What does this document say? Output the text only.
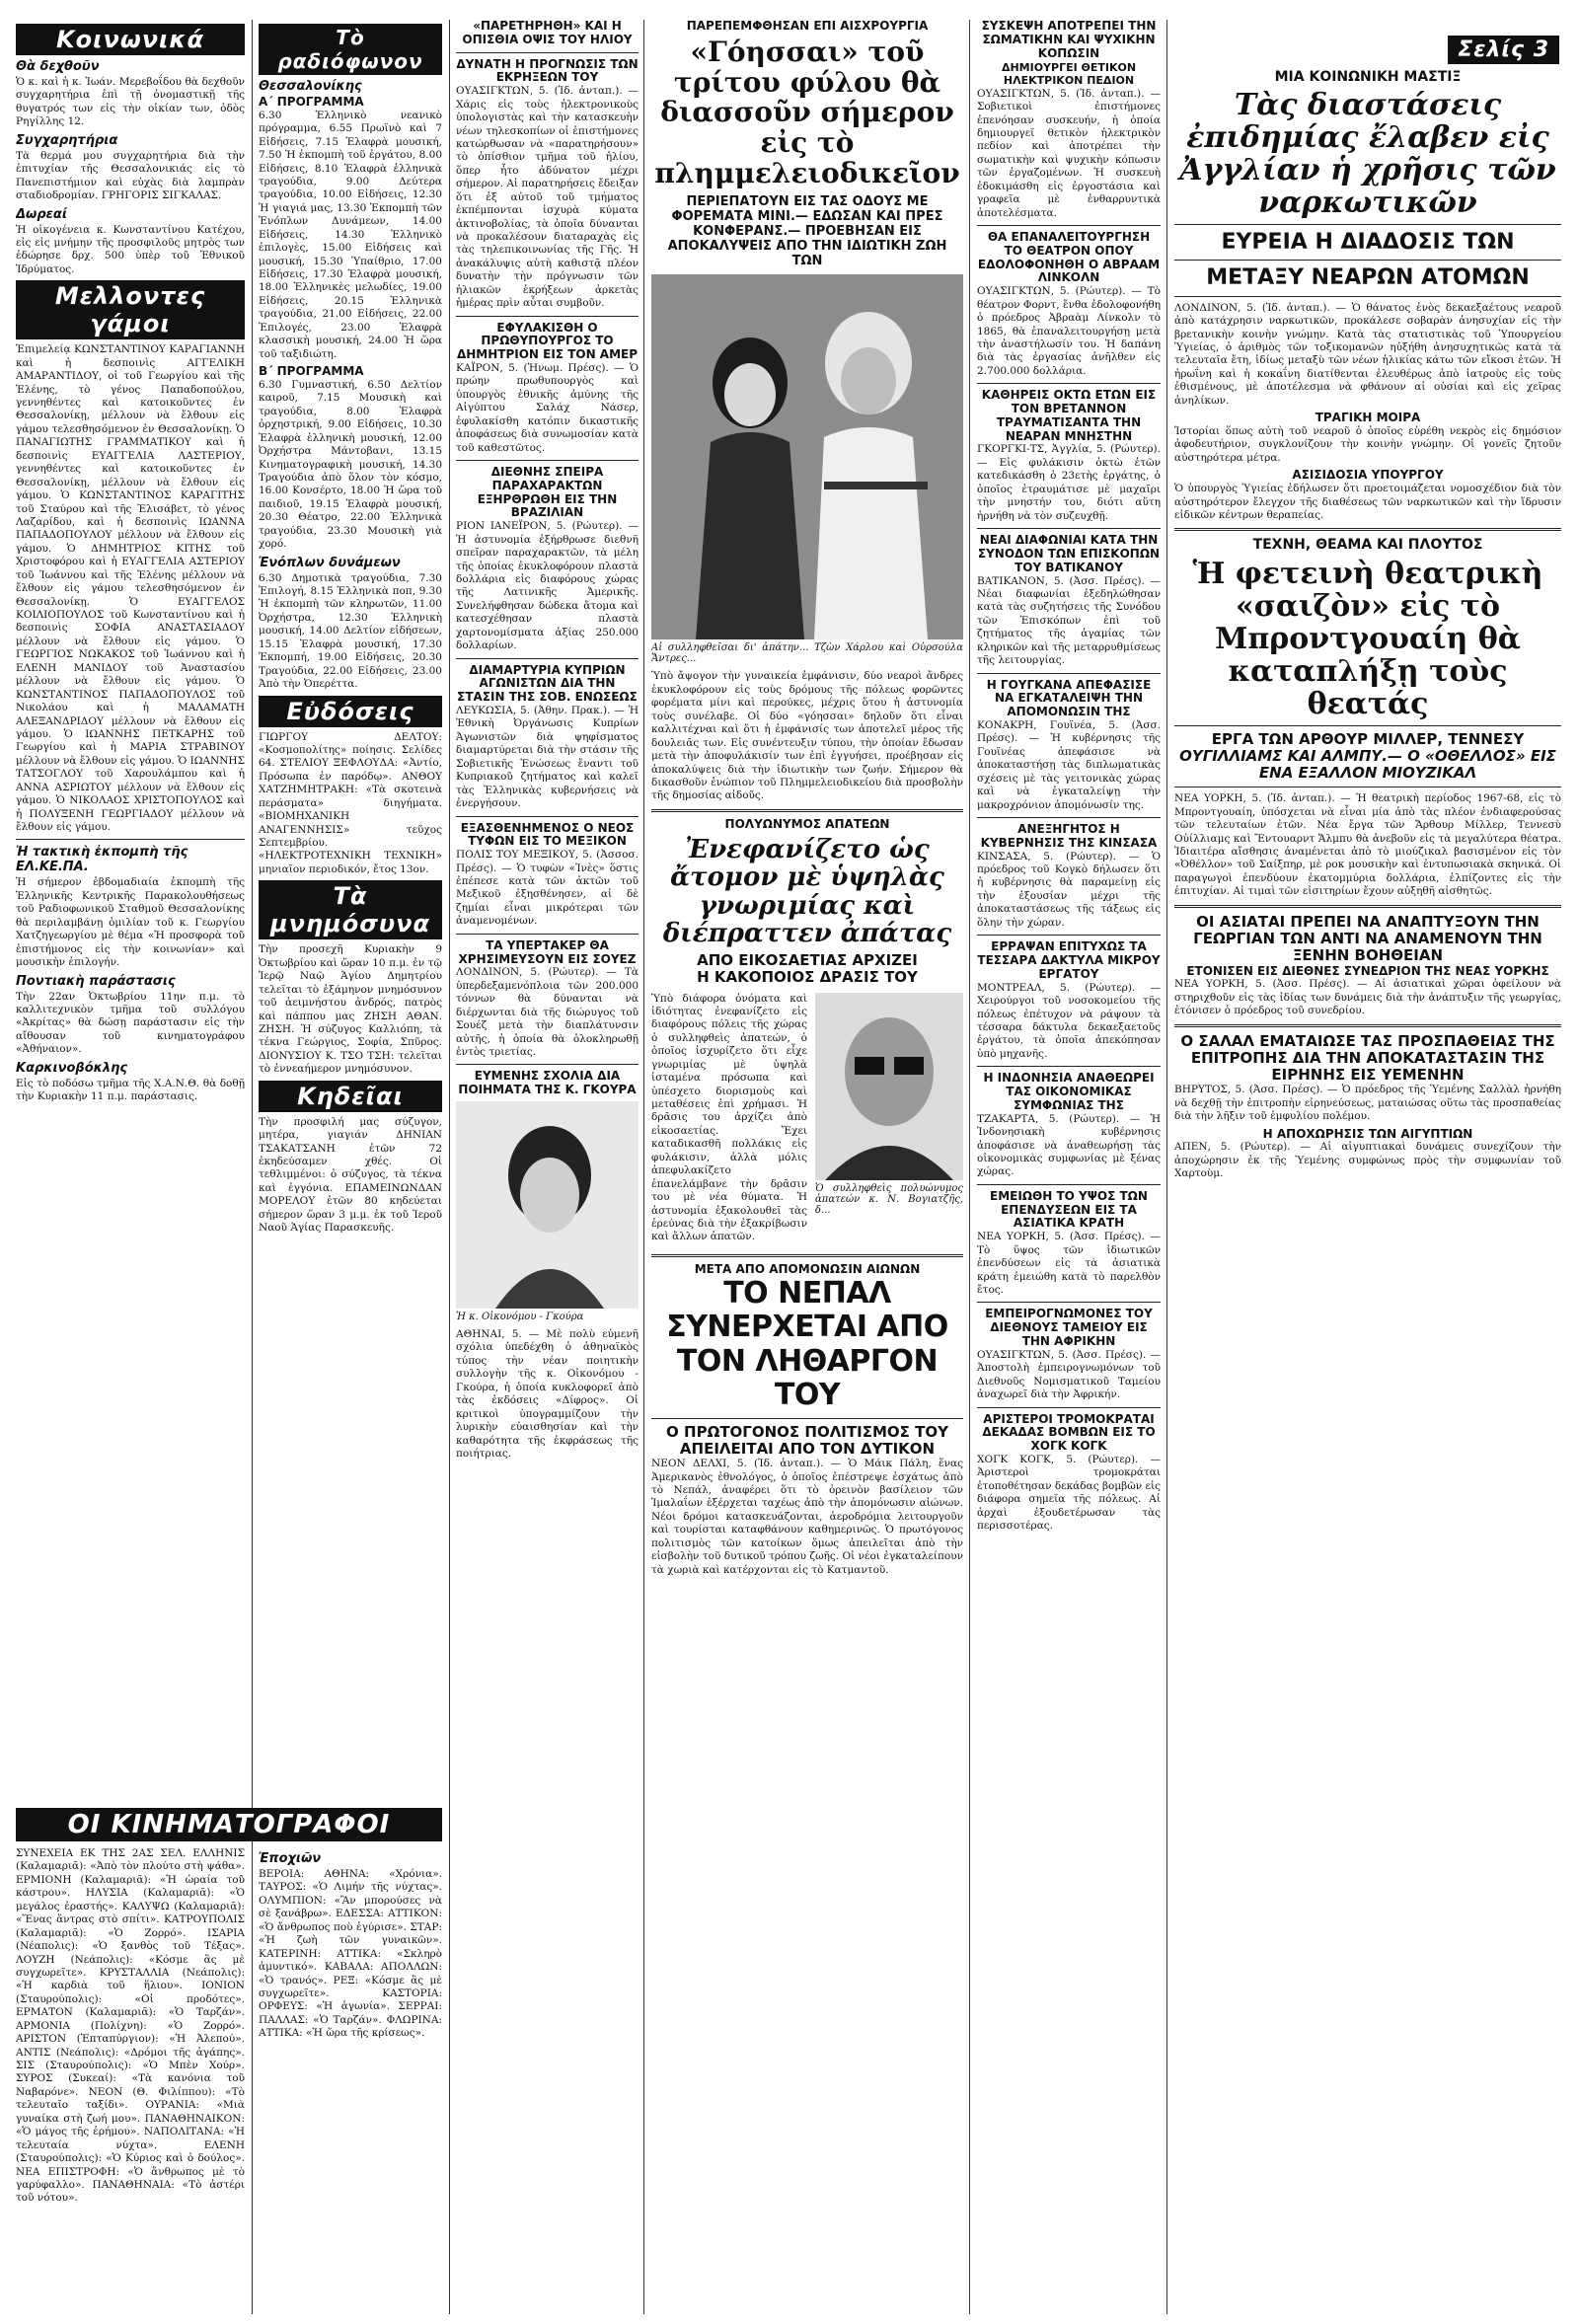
Σελίς 3
Κοινωνικά
Θὰ δεχθοῦν

Ὁ κ. καὶ ἡ κ. Ἰωάν. Μερεβοΐδου θὰ δεχθοῦν συγχαρητήρια ἐπὶ τῇ ὀνομαστικῇ τῆς θυγατρός των εἰς τὴν οἰκίαν των, ὁδὸς Ρηγίλλης 12.

Συγχαρητήρια

Τὰ θερμά μου συγχαρητήρια διὰ τὴν ἐπιτυχίαν τῆς Θεσσαλονικιάς εἰς τὸ Πανεπιστήμιον καὶ εὐχὰς διὰ λαμπρὰν σταδιοδρομίαν. ΓΡΗΓΟΡΙΣ ΣΙΓΚΑΛΑΣ.

Δωρεαί

Ἡ οἰκογένεια κ. Κωνσταντίνου Κατέχου, εἰς εἰς μνήμην τῆς προσφιλοῦς μητρὸς των ἐδώρησε δρχ. 500 ὑπὲρ τοῦ Ἐθνικοῦ Ἱδρύματος.

Μελλοντες γάμοι

Ἐπιμελείᾳ ΚΩΝΣΤΑΝΤΙΝΟΥ ΚΑΡΑΓΙΑΝΝΗ καὶ ἡ δεσποινὶς ΑΓΓΕΛΙΚΗ ΑΜΑΡΑΝΤΙΔΟΥ, οἱ τοῦ Γεωργίου καὶ τῆς Ἑλένης, τὸ γένος Παπαδοπούλου, γεννηθέντες καὶ κατοικοῦντες ἐν Θεσσαλονίκῃ, μέλλουν νὰ ἔλθουν εἰς γάμου τελεσθησόμενον ἐν Θεσσαλονίκῃ. Ὁ ΠΑΝΑΓΙΩΤΗΣ ΓΡΑΜΜΑΤΙΚΟΥ καὶ ἡ δεσποινὶς ΕΥΑΓΓΕΛΙΑ ΛΑΣΤΕΡΙΟΥ, γεννηθέντες καὶ κατοικοῦντες ἐν Θεσσαλονίκῃ, μέλλουν νὰ ἔλθουν εἰς γάμου. Ὁ ΚΩΝΣΤΑΝΤΙΝΟΣ ΚΑΡΑΓΙΤΗΣ τοῦ Σταύρου καὶ τῆς Ἐλισάβετ, τὸ γένος Λαζαρίδου, καὶ ἡ δεσποινὶς ΙΩΑΝΝΑ ΠΑΠΑΔΟΠΟΥΛΟΥ μέλλουν νὰ ἔλθουν εἰς γάμου. Ὁ ΔΗΜΗΤΡΙΟΣ ΚΙΤΗΣ τοῦ Χριστοφόρου καὶ ἡ ΕΥΑΓΓΕΛΙΑ ΑΣΤΕΡΙΟΥ τοῦ Ἰωάννου καὶ τῆς Ἑλένης μέλλουν νὰ ἔλθουν εἰς γάμου τελεσθησόμενον ἐν Θεσσαλονίκῃ. Ὁ ΕΥΑΓΓΕΛΟΣ ΚΟΙΛΙΟΠΟΥΛΟΣ τοῦ Κωνσταντίνου καὶ ἡ δεσποινὶς ΣΟΦΙΑ ΑΝΑΣΤΑΣΙΑΔΟΥ μέλλουν νὰ ἔλθουν εἰς γάμου. Ὁ ΓΕΩΡΓΙΟΣ ΝΩΚΑΚΟΣ τοῦ Ἰωάννου καὶ ἡ ΕΛΕΝΗ ΜΑΝΙΔΟΥ τοῦ Ἀναστασίου μέλλουν νὰ ἔλθουν εἰς γάμου. Ὁ ΚΩΝΣΤΑΝΤΙΝΟΣ ΠΑΠΑΔΟΠΟΥΛΟΣ τοῦ Νικολάου καὶ ἡ ΜΑΛΑΜΑΤΗ ΑΛΕΞΑΝΔΡΙΔΟΥ μέλλουν νὰ ἔλθουν εἰς γάμου. Ὁ ΙΩΑΝΝΗΣ ΠΕΤΚΑΡΗΣ τοῦ Γεωργίου καὶ ἡ ΜΑΡΙΑ ΣΤΡΑΒΙΝΟΥ μέλλουν νὰ ἔλθουν εἰς γάμου. Ὁ ΙΩΑΝΝΗΣ ΤΑΤΣΟΓΛΟΥ τοῦ Χαρουλάμπου καὶ ἡ ΑΝΝΑ ΑΣΡΙΩΤΟΥ μέλλουν νὰ ἔλθουν εἰς γάμου. Ὁ ΝΙΚΟΛΑΟΣ ΧΡΙΣΤΟΠΟΥΛΟΣ καὶ ἡ ΠΟΛΥΞΕΝΗ ΓΕΩΡΓΙΑΔΟΥ μέλλουν νὰ ἔλθουν εἰς γάμου.

Ἡ τακτικὴ ἐκπομπὴ τῆς ΕΛ.ΚΕ.ΠΑ.

Ἡ σήμερον ἑβδομαδιαία ἐκπομπὴ τῆς Ἑλληνικῆς Κεντρικῆς Παρακολουθήσεως τοῦ Ραδιοφωνικοῦ Σταθμοῦ Θεσσαλονίκης θὰ περιλαμβάνῃ ὁμιλίαν τοῦ κ. Γεωργίου Χατζηγεωργίου μὲ θέμα «Ἡ προσφορὰ τοῦ ἐπιστήμονος εἰς τὴν κοινωνίαν» καὶ μουσικὴν ἐπιλογήν.

Ποντιακὴ παράστασις

Τὴν 22αν Ὀκτωβρίου 11ην π.μ. τὸ καλλιτεχνικὸν τμῆμα τοῦ συλλόγου «Ἀκρίτας» θὰ δώσῃ παράστασιν εἰς τὴν αἴθουσαν τοῦ κινηματογράφου «Ἀθήναιον».

Καρκινοβόκλης

Εἰς τὸ ποδόσω τμῆμα τῆς Χ.Α.Ν.Θ. θὰ δοθῇ τὴν Κυριακὴν 11 π.μ. παράστασις.

ΟΙ ΚΙΝΗΜΑΤΟΓΡΑΦΟΙ

ΣΥΝΕΧΕΙΑ ΕΚ ΤΗΣ 2ΑΣ ΣΕΛ. ΕΛΛΗΝΙΣ (Καλαμαριᾶ): «Ἀπὸ τὸν πλούτο στὴ ψάθα». ΕΡΜΙΟΝΗ (Καλαμαριᾶ): «Ἡ ὡραία τοῦ κάστρου». ΗΛΥΣΙΑ (Καλαμαριᾶ): «Ὁ μεγάλος ἐραστής». ΚΑΛΥΨΩ (Καλαμαριᾶ): «Ἕνας ἄντρας στὸ σπίτι». ΚΑΤΡΟΥΠΟΛΙΣ (Καλαμαριᾶ): «Ὁ Ζορρό». ΙΣΑΡΙΑ (Νέαπολις): «Ὁ ξανθὸς τοῦ Τέξας». ΛΟΥΖΗ (Νεάπολις): «Κόσμε ἂς μὲ συγχωρεῖτε». ΚΡΥΣΤΑΛΛΙΑ (Νεάπολις): «Ἡ καρδιὰ τοῦ ἥλιου». ΙΟΝΙΟΝ (Σταυρούπολις): «Οἱ προδότες». ΕΡΜΑΤΟΝ (Καλαμαριᾶ): «Ὁ Ταρζάν». ΑΡΜΟΝΙΑ (Πολίχνη): «Ὁ Ζορρό». ΑΡΙΣΤΟΝ (Ἑπταπύργιον): «Ἡ Ἀλεπού». ΑΝΤΙΣ (Νεάπολις): «Δρόμοι τῆς ἀγάπης». ΣΙΣ (Σταυρούπολις): «Ὁ Μπὲν Χούρ». ΣΥΡΟΣ (Συκεαί): «Τὰ κανόνια τοῦ Ναβαρόνε». ΝΕΟΝ (Θ. Φιλίππου): «Τὸ τελευταῖο ταξίδι». ΟΥΡΑΝΙΑ: «Μιὰ γυναίκα στὴ ζωή μου». ΠΑΝΑΘΗΝΑΙΚΟΝ: «Ὁ μάγος τῆς ἐρήμου». ΝΑΠΟΛΙΤΑΝΑ: «Ἡ τελευταία νύχτα». ΕΛΕΝΗ (Σταυρούπολις): «Ὁ Κύριος καὶ ὁ δούλος». ΝΕΑ ΕΠΙΣΤΡΟΦΗ: «Ὁ ἄνθρωπος μὲ τὸ γαρύφαλλο». ΠΑΝΑΘΗΝΑΙΑ: «Τὸ ἀστέρι τοῦ νότου».

Τὸ ραδιόφωνον
Θεσσαλονίκης
Α΄ ΠΡΟΓΡΑΜΜΑ

6.30 Ἑλληνικὸ νεανικὸ πρόγραμμα, 6.55 Πρωϊνὸ καὶ 7 Εἰδήσεις, 7.15 Ἐλαφρὰ μουσική, 7.50 Ἡ ἐκπομπὴ τοῦ ἐργάτου, 8.00 Εἰδήσεις, 8.10 Ἑλαφρὰ ἑλληνικὰ τραγούδια, 9.00 Δεύτερα τραγούδια, 10.00 Εἰδήσεις, 12.30 Ἡ γιαγιά μας, 13.30 Ἐκπομπὴ τῶν Ἐνόπλων Δυνάμεων, 14.00 Εἰδήσεις, 14.30 Ἑλληνικὸ ἐπιλογὲς, 15.00 Εἰδήσεις καὶ μουσική, 15.30 Ὑπαίθριο, 17.00 Εἰδήσεις, 17.30 Ἑλαφρὰ μουσική, 18.00 Ἑλληνικὲς μελωδίες, 19.00 Εἰδήσεις, 20.15 Ἑλληνικὰ τραγούδια, 21.00 Εἰδήσεις, 22.00 Ἐπιλογές, 23.00 Ἐλαφρὰ κλασσικὴ μουσική, 24.00 Ἡ ὥρα τοῦ ταξιδιώτη.

Β΄ ΠΡΟΓΡΑΜΜΑ

6.30 Γυμναστική, 6.50 Δελτίον καιροῦ, 7.15 Μουσικὴ καὶ τραγούδια, 8.00 Ἐλαφρὰ ὀρχηστρική, 9.00 Εἰδήσεις, 10.30 Ἐλαφρὰ ἑλληνικὴ μουσική, 12.00 Ὀρχήστρα Μάντοβανι, 13.15 Κινηματογραφικὴ μουσική, 14.30 Τραγούδια ἀπὸ ὅλον τὸν κόσμο, 16.00 Κονσέρτο, 18.00 Ἡ ὥρα τοῦ παιδιοῦ, 19.15 Ἐλαφρὰ μουσική, 20.30 Θέατρο, 22.00 Ἑλληνικὰ τραγούδια, 23.30 Μουσικὴ γιὰ χορό.

Ἐνόπλων δυνάμεων

6.30 Δημοτικὰ τραγούδια, 7.30 Ἐπιλογή, 8.15 Ἑλληνικὰ ποπ, 9.30 Ἡ ἐκπομπὴ τῶν κληρωτῶν, 11.00 Ὀρχήστρα, 12.30 Ἑλληνικὴ μουσική, 14.00 Δελτίον εἰδήσεων, 15.15 Ἐλαφρὰ μουσική, 17.30 Ἐκπομπή, 19.00 Εἰδήσεις, 20.30 Τραγούδια, 22.00 Εἰδήσεις, 23.00 Ἀπὸ τὴν Ὀπερέττα.

Εὐδόσεις

ΓΙΩΡΓΟΥ ΔΕΛΤΟΥ: «Κοσμοπολίτης» ποίησις. Σελίδες 64. ΣΤΕΛΙΟΥ ΞΕΦΛΟΥΔΑ: «Ἀντίο, Πρόσωπα ἐν παρόδῳ». ΑΝΘΟΥ ΧΑΤΖΗΜΗΤΡΑΚΗ: «Τὰ σκοτεινὰ περάσματα» διηγήματα. «ΒΙΟΜΗΧΑΝΙΚΗ ΑΝΑΓΕΝΝΗΣΙΣ» τεῦχος Σεπτεμβρίου. «ΗΛΕΚΤΡΟΤΕΧΝΙΚΗ ΤΕΧΝΙΚΗ» μηνιαῖον περιοδικόν, ἔτος 13ον.

Τὰ μνημόσυνα

Τὴν προσεχῆ Κυριακὴν 9 Ὀκτωβρίου καὶ ὥραν 10 π.μ. ἐν τῷ Ἱερῷ Ναῷ Ἁγίου Δημητρίου τελεῖται τὸ ἐξάμηνον μνημόσυνον τοῦ ἀειμνήστου ἀνδρός, πατρὸς καὶ πάππου μας ΖΗΣΗ ΑΘΑΝ. ΖΗΣΗ. Ἡ σύζυγος Καλλιόπη, τὰ τέκνα Γεώργιος, Σοφία, Σπῦρος. ΔΙΟΝΥΣΙΟΥ Κ. ΤΣΟ ΤΣΗ: τελεῖται τὸ ἐννεαήμερον μνημόσυνον.

Κηδεῖαι

Τὴν προσφιλή μας σύζυγον, μητέρα, γιαγιάν ΔΗΝΙΑΝ ΤΣΑΚΑΤΣΑΝΗ ἐτῶν 72 ἐκηδεύσαμεν χθές. Οἱ τεθλιμμένοι: ὁ σύζυγος, τὰ τέκνα καὶ ἐγγόνια. ΕΠΑΜΕΙΝΩΝΔΑΝ ΜΟΡΕΛΟΥ ἐτῶν 80 κηδεύεται σήμερον ὥραν 3 μ.μ. ἐκ τοῦ Ἱεροῦ Ναοῦ Ἁγίας Παρασκευῆς.

Ἐποχιῶν

ΒΕΡΟΙΑ: ΑΘΗΝΑ: «Χρόνια». ΤΑΥΡΟΣ: «Ὁ Λιμήν τῆς νύχτας». ΟΛΥΜΠΙΟΝ: «Ἂν μπορούσες νὰ σὲ ξανάβρω». ΕΔΕΣΣΑ: ΑΤΤΙΚΟΝ: «Ὁ ἄνθρωπος ποὺ ἐγύρισε». ΣΤΑΡ: «Ἡ ζωὴ τῶν γυναικῶν». ΚΑΤΕΡΙΝΗ: ΑΤΤΙΚΑ: «Σκληρὸ ἀμυντικό». ΚΑΒΑΛΑ: ΑΠΟΛΛΩΝ: «Ὁ τρανός». ΡΕΞ: «Κόσμε ἂς μὲ συγχωρεῖτε». ΚΑΣΤΟΡΙΑ: ΟΡΦΕΥΣ: «Ἡ ἀγωνία». ΣΕΡΡΑΙ: ΠΑΛΛΑΣ: «Ὁ Ταρζάν». ΦΛΩΡΙΝΑ: ΑΤΤΙΚΑ: «Ἡ ὥρα τῆς κρίσεως».

«ΠΑΡΕΤΗΡΗΘΗ» ΚΑΙ Η ΟΠΙΣΘΙΑ ΟΨΙΣ ΤΟΥ ΗΛΙΟΥ
ΔΥΝΑΤΗ Η ΠΡΟΓΝΩΣΙΣ ΤΩΝ ΕΚΡΗΞΕΩΝ ΤΟΥ

ΟΥΑΣΙΓΚΤΩΝ, 5. (Ἰδ. ἀνταπ.). — Χάρις εἰς τοὺς ἠλεκτρονικοὺς ὑπολογιστὰς καὶ τὴν κατασκευὴν νέων τηλεσκοπίων οἱ ἐπιστήμονες κατώρθωσαν νὰ «παρατηρήσουν» τὸ ὀπίσθιον τμῆμα τοῦ ἡλίου, ὅπερ ἦτο ἀδύνατον μέχρι σήμερον. Αἱ παρατηρήσεις ἔδειξαν ὅτι ἐξ αὐτοῦ τοῦ τμήματος ἐκπέμπονται ἰσχυρὰ κύματα ἀκτινοβολίας, τὰ ὁποῖα δύνανται νὰ προκαλέσουν διαταραχὰς εἰς τὰς τηλεπικοινωνίας τῆς Γῆς. Ἡ ἀνακάλυψις αὐτὴ καθιστᾷ πλέον δυνατὴν τὴν πρόγνωσιν τῶν ἡλιακῶν ἐκρήξεων ἀρκετὰς ἡμέρας πρὶν αὗται συμβοῦν.

ΕΦΥΛΑΚΙΣΘΗ Ο ΠΡΩΘΥΠΟΥΡΓΟΣ ΤΟ ΔΗΜΗΤΡΙΟΝ ΕΙΣ ΤΟΝ ΑΜΕΡ

ΚΑΪΡΟΝ, 5. (Ἠνωμ. Πρέσς). — Ὁ πρώην πρωθυπουργὸς καὶ ὑπουργὸς ἐθνικῆς ἀμύνης τῆς Αἰγύπτου Σαλάχ Νάσερ, ἐφυλακίσθη κατόπιν δικαστικῆς ἀποφάσεως διὰ συνωμοσίαν κατὰ τοῦ καθεστῶτος.

ΔΙΕΘΝΗΣ ΣΠΕΙΡΑ ΠΑΡΑΧΑΡΑΚΤΩΝ ΕΞΗΡΘΡΩΘΗ ΕΙΣ ΤΗΝ ΒΡΑΖΙΛΙΑΝ

ΡΙΟΝ ΙΑΝΕΪΡΟΝ, 5. (Ρώυτερ). — Ἡ ἀστυνομία ἐξήρθρωσε διεθνῆ σπεῖραν παραχαρακτῶν, τὰ μέλη τῆς ὁποίας ἐκυκλοφόρουν πλαστὰ δολλάρια εἰς διαφόρους χώρας τῆς Λατινικῆς Ἀμερικῆς. Συνελήφθησαν δώδεκα ἄτομα καὶ κατεσχέθησαν πλαστὰ χαρτονομίσματα ἀξίας 250.000 δολλαρίων.

ΔΙΑΜΑΡΤΥΡΙΑ ΚΥΠΡΙΩΝ ΑΓΩΝΙΣΤΩΝ ΔΙΑ ΤΗΝ ΣΤΑΣΙΝ ΤΗΣ ΣΟΒ. ΕΝΩΣΕΩΣ

ΛΕΥΚΩΣΙΑ, 5. (Ἀθην. Πρακ.). — Ἡ Ἐθνικὴ Ὀργάνωσις Κυπρίων Ἀγωνιστῶν διὰ ψηφίσματος διαμαρτύρεται διὰ τὴν στάσιν τῆς Σοβιετικῆς Ἑνώσεως ἔναντι τοῦ Κυπριακοῦ ζητήματος καὶ καλεῖ τὰς Ἑλληνικὰς κυβερνήσεις νὰ ἐνεργήσουν.

ΕΞΑΣΘΕΝΗΜΕΝΟΣ Ο ΝΕΟΣ ΤΥΦΩΝ ΕΙΣ ΤΟ ΜΕΞΙΚΟΝ

ΠΟΛΙΣ ΤΟΥ ΜΕΞΙΚΟΥ, 5. (Ἀσσοσ. Πρέσς). — Ὁ τυφὼν «Ἰνὲς» ὅστις ἐπέπεσε κατὰ τῶν ἀκτῶν τοῦ Μεξικοῦ ἐξησθένησεν, αἱ δὲ ζημίαι εἶναι μικρότεραι τῶν ἀναμενομένων.

ΤΑ ΥΠΕΡΤΑΚΕΡ ΘΑ ΧΡΗΣΙΜΕΥΣΟΥΝ ΕΙΣ ΣΟΥΕΖ

ΛΟΝΔΙΝΟΝ, 5. (Ρώυτερ). — Τὰ ὑπερδεξαμενόπλοια τῶν 200.000 τόννων θὰ δύνανται νὰ διέρχωνται διὰ τῆς διώρυγος τοῦ Σουέζ μετὰ τὴν διαπλάτυνσιν αὐτῆς, ἡ ὁποία θὰ ὁλοκληρωθῇ ἐντὸς τριετίας.

ΕΥΜΕΝΗΣ ΣΧΟΛΙΑ ΔΙΑ ΠΟΙΗΜΑΤΑ ΤΗΣ Κ. ΓΚΟΥΡΑ
Ἡ κ. Οἰκονόμου - Γκούρα

ΑΘΗΝΑΙ, 5. — Μὲ πολὺ εὐμενῆ σχόλια ὑπεδέχθη ὁ ἀθηναϊκὸς τύπος τὴν νέαν ποιητικὴν συλλογὴν τῆς κ. Οἰκονόμου - Γκούρα, ἡ ὁποία κυκλοφορεῖ ἀπὸ τὰς ἐκδόσεις «Δίφρος». Οἱ κριτικοὶ ὑπογραμμίζουν τὴν λυρικὴν εὐαισθησίαν καὶ τὴν καθαρότητα τῆς ἐκφράσεως τῆς ποιήτριας.

ΠΑΡΕΠΕΜΦΘΗΣΑΝ ΕΠΙ ΑΙΣΧΡΟΥΡΓΙΑ
«Γόησσαι» τοῦ τρίτου φύλου θὰ διασσοῦν σήμερον εἰς τὸ πλημμελειοδικεῖον
ΠΕΡΙΕΠΑΤΟΥΝ ΕΙΣ ΤΑΣ ΟΔΟΥΣ ΜΕ ΦΟΡΕΜΑΤΑ ΜΙΝΙ.— ΕΔΩΣΑΝ ΚΑΙ ΠΡΕΣ ΚΟΝΦΕΡΑΝΣ.— ΠΡΟΕΒΗΣΑΝ ΕΙΣ ΑΠΟΚΑΛΥΨΕΙΣ ΑΠΟ ΤΗΝ ΙΔΙΩΤΙΚΗ ΖΩΗ ΤΩΝ
Αἱ συλληφθεῖσαι δι' ἀπάτην... Τζὼν Χάρλου καὶ Οὐρσούλα Ἄντρες...

Ὑπὸ ἄψογον τὴν γυναικεία ἐμφάνισιν, δύο νεαροὶ ἄνδρες ἐκυκλοφόρουν εἰς τοὺς δρόμους τῆς πόλεως φορῶντες φορέματα μίνι καὶ περούκες, μέχρις ὅτου ἡ ἀστυνομία τοὺς συνέλαβε. Οἱ δύο «γόησσαι» δηλοῦν ὅτι εἶναι καλλιτέχναι καὶ ὅτι ἡ ἐμφάνισίς των ἀποτελεῖ μέρος τῆς δουλειᾶς των. Εἰς συνέντευξιν τύπου, τὴν ὁποίαν ἔδωσαν μετὰ τὴν ἀποφυλάκισίν των ἐπὶ ἐγγυήσει, προέβησαν εἰς ἀποκαλύψεις διὰ τὴν ἰδιωτικὴν των ζωήν. Σήμερον θὰ δικασθοῦν ἐνώπιον τοῦ Πλημμελειοδικείου διὰ προσβολὴν τῆς δημοσίας αἰδοῦς.

ΠΟΛΥΩΝΥΜΟΣ ΑΠΑΤΕΩΝ
Ἐνεφανίζετο ὡς ἄτομον μὲ ὑψηλὰς γνωριμίας καὶ διέπραττεν ἀπάτας
ΑΠΟ ΕΙΚΟΣΑΕΤΙΑΣ ΑΡΧΙΖΕΙ
Η ΚΑΚΟΠΟΙΟΣ ΔΡΑΣΙΣ ΤΟΥ

Ὑπὸ διάφορα ὀνόματα καὶ ἰδιότητας ἐνεφανίζετο εἰς διαφόρους πόλεις τῆς χώρας ὁ συλληφθεὶς ἀπατεών, ὁ ὁποῖος ἰσχυρίζετο ὅτι εἶχε γνωριμίας μὲ ὑψηλὰ ἱσταμένα πρόσωπα καὶ ὑπέσχετο διορισμοὺς καὶ μεταθέσεις ἐπὶ χρήμασι. Ἡ δρᾶσις του ἀρχίζει ἀπὸ εἰκοσαετίας. Ἔχει καταδικασθῆ πολλάκις εἰς φυλάκισιν, ἀλλὰ μόλις ἀπεφυλακίζετο ἐπανελάμβανε τὴν δρᾶσιν του μὲ νέα θύματα. Ἡ ἀστυνομία ἐξακολουθεῖ τὰς ἐρεύνας διὰ τὴν ἐξακρίβωσιν καὶ ἄλλων ἀπατῶν.

Ὁ συλληφθεὶς πολυώνυμος ἀπατεών κ. Ν. Βογιατζῆς, δ...
ΜΕΤΑ ΑΠΟ ΑΠΟΜΟΝΩΣΙΝ ΑΙΩΝΩΝ
ΤΟ ΝΕΠΑΛ ΣΥΝΕΡΧΕΤΑΙ ΑΠΟ ΤΟΝ ΛΗΘΑΡΓΟΝ ΤΟΥ
Ο ΠΡΩΤΟΓΟΝΟΣ ΠΟΛΙΤΙΣΜΟΣ ΤΟΥ
ΑΠΕΙΛΕΙΤΑΙ ΑΠΟ ΤΟΝ ΔΥΤΙΚΟΝ

ΝΕΟΝ ΔΕΛΧΙ, 5. (Ἰδ. ἀνταπ.). — Ὁ Μάικ Πάλη, ἕνας Ἀμερικανὸς ἐθνολόγος, ὁ ὁποῖος ἐπέστρεψε ἐσχάτως ἀπὸ τὸ Νεπάλ, ἀναφέρει ὅτι τὸ ὀρεινὸν βασίλειον τῶν Ἱμαλαΐων ἐξέρχεται ταχέως ἀπὸ τὴν ἀπομόνωσιν αἰώνων. Νέοι δρόμοι κατασκευάζονται, ἀεροδρόμια λειτουργοῦν καὶ τουρίσται καταφθάνουν καθημερινῶς. Ὁ πρωτόγονος πολιτισμὸς τῶν κατοίκων ὅμως ἀπειλεῖται ἀπὸ τὴν εἰσβολὴν τοῦ δυτικοῦ τρόπου ζωῆς. Οἱ νέοι ἐγκαταλείπουν τὰ χωριὰ καὶ κατέρχονται εἰς τὸ Κατμαντοῦ.

ΣΥΣΚΕΨΗ ΑΠΟΤΡΕΠΕΙ ΤΗΝ ΣΩΜΑΤΙΚΗΝ ΚΑΙ ΨΥΧΙΚΗΝ ΚΟΠΩΣΙΝ
ΔΗΜΙΟΥΡΓΕΙ ΘΕΤΙΚΟΝ ΗΛΕΚΤΡΙΚΟΝ ΠΕΔΙΟΝ

ΟΥΑΣΙΓΚΤΩΝ, 5. (Ἰδ. ἀνταπ.). — Σοβιετικοὶ ἐπιστήμονες ἐπενόησαν συσκευήν, ἡ ὁποία δημιουργεῖ θετικὸν ἠλεκτρικὸν πεδίον καὶ ἀποτρέπει τὴν σωματικὴν καὶ ψυχικὴν κόπωσιν τῶν ἐργαζομένων. Ἡ συσκευὴ ἐδοκιμάσθη εἰς ἐργοστάσια καὶ γραφεῖα μὲ ἐνθαρρυντικὰ ἀποτελέσματα.

ΘΑ ΕΠΑΝΑΛΕΙΤΟΥΡΓΗΣΗ ΤΟ ΘΕΑΤΡΟΝ ΟΠΟΥ ΕΔΟΛΟΦΟΝΗΘΗ Ο ΑΒΡΑΑΜ ΛΙΝΚΟΛΝ

ΟΥΑΣΙΓΚΤΩΝ, 5. (Ρώυτερ). — Τὸ θέατρον Φορντ, ἔνθα ἐδολοφονήθη ὁ πρόεδρος Ἀβραὰμ Λίνκολν τὸ 1865, θὰ ἐπαναλειτουργήσῃ μετὰ τὴν ἀναστήλωσίν του. Ἡ δαπάνη διὰ τὰς ἐργασίας ἀνῆλθεν εἰς 2.700.000 δολλάρια.

ΚΑΘΗΡΕΙΣ ΟΚΤΩ ΕΤΩΝ ΕΙΣ ΤΟΝ ΒΡΕΤΑΝΝΟΝ ΤΡΑΥΜΑΤΙΣΑΝΤΑ ΤΗΝ ΝΕΑΡΑΝ ΜΝΗΣΤΗΝ

ΓΚΟΡΓΚΙ-ΤΣ, Ἀγγλία, 5. (Ρώυτερ). — Εἰς φυλάκισιν ὀκτὼ ἐτῶν κατεδικάσθη ὁ 23ετὴς ἐργάτης, ὁ ὁποῖος ἐτραυμάτισε μὲ μαχαῖρι τὴν μνηστήν του, διότι αὕτη ἠρνήθη νὰ τὸν συζευχθῇ.

ΝΕΑΙ ΔΙΑΦΩΝΙΑΙ ΚΑΤΑ ΤΗΝ ΣΥΝΟΔΟΝ ΤΩΝ ΕΠΙΣΚΟΠΩΝ ΤΟΥ ΒΑΤΙΚΑΝΟΥ

ΒΑΤΙΚΑΝΟΝ, 5. (Ἀσσ. Πρέσς). — Νέαι διαφωνίαι ἐξεδηλώθησαν κατὰ τὰς συζητήσεις τῆς Συνόδου τῶν Ἐπισκόπων ἐπὶ τοῦ ζητήματος τῆς ἀγαμίας τῶν κληρικῶν καὶ τῆς μεταρρυθμίσεως τῆς λειτουργίας.

Η ΓΟΥΓΚΑΝΑ ΑΠΕΦΑΣΙΣΕ ΝΑ ΕΓΚΑΤΑΛΕΙΨΗ ΤΗΝ ΑΠΟΜΟΝΩΣΙΝ ΤΗΣ

ΚΟΝΑΚΡΗ, Γουϊνέα, 5. (Ἀσσ. Πρέσς). — Ἡ κυβέρνησις τῆς Γουϊνέας ἀπεφάσισε νὰ ἀποκαταστήσῃ τὰς διπλωματικὰς σχέσεις μὲ τὰς γειτονικὰς χώρας καὶ νὰ ἐγκαταλείψῃ τὴν μακροχρόνιον ἀπομόνωσίν της.

ΑΝΕΞΗΓΗΤΟΣ Η ΚΥΒΕΡΝΗΣΙΣ ΤΗΣ ΚΙΝΣΑΣΑ

ΚΙΝΣΑΣΑ, 5. (Ρώυτερ). — Ὁ πρόεδρος τοῦ Κογκὸ δήλωσεν ὅτι ἡ κυβέρνησις θὰ παραμείνῃ εἰς τὴν ἐξουσίαν μέχρι τῆς ἀποκαταστάσεως τῆς τάξεως εἰς ὅλην τὴν χώραν.

ΕΡΡΑΨΑΝ ΕΠΙΤΥΧΩΣ ΤΑ ΤΕΣΣΑΡΑ ΔΑΚΤΥΛΑ ΜΙΚΡΟΥ ΕΡΓΑΤΟΥ

ΜΟΝΤΡΕΑΛ, 5. (Ρώυτερ). — Χειρούργοι τοῦ νοσοκομείου τῆς πόλεως ἐπέτυχον νὰ ράψουν τὰ τέσσαρα δάκτυλα δεκαεξαετοῦς ἐργάτου, τὰ ὁποῖα ἀπεκόπησαν ὑπὸ μηχανῆς.

Η ΙΝΔΟΝΗΣΙΑ ΑΝΑΘΕΩΡΕΙ ΤΑΣ ΟΙΚΟΝΟΜΙΚΑΣ ΣΥΜΦΩΝΙΑΣ ΤΗΣ

ΤΖΑΚΑΡΤΑ, 5. (Ρώυτερ). — Ἡ Ἰνδονησιακὴ κυβέρνησις ἀποφάσισε νὰ ἀναθεωρήσῃ τὰς οἰκονομικὰς συμφωνίας μὲ ξένας χώρας.

ΕΜΕΙΩΘΗ ΤΟ ΥΨΟΣ ΤΩΝ ΕΠΕΝΔΥΣΕΩΝ ΕΙΣ ΤΑ ΑΣΙΑΤΙΚΑ ΚΡΑΤΗ

ΝΕΑ ΥΟΡΚΗ, 5. (Ἀσσ. Πρέσς). — Τὸ ὕψος τῶν ἰδιωτικῶν ἐπενδύσεων εἰς τὰ ἀσιατικὰ κράτη ἐμειώθη κατὰ τὸ παρελθὸν ἔτος.

ΕΜΠΕΙΡΟΓΝΩΜΟΝΕΣ ΤΟΥ ΔΙΕΘΝΟΥΣ ΤΑΜΕΙΟΥ ΕΙΣ ΤΗΝ ΑΦΡΙΚΗΝ

ΟΥΑΣΙΓΚΤΩΝ, 5. (Ἀσσ. Πρέσς). — Ἀποστολὴ ἐμπειρογνωμόνων τοῦ Διεθνοῦς Νομισματικοῦ Ταμείου ἀναχωρεῖ διὰ τὴν Ἀφρικήν.

ΑΡΙΣΤΕΡΟΙ ΤΡΟΜΟΚΡΑΤΑΙ ΔΕΚΑΔΑΣ ΒΟΜΒΩΝ ΕΙΣ ΤΟ ΧΟΓΚ ΚΟΓΚ

ΧΟΓΚ ΚΟΓΚ, 5. (Ρώυτερ). — Ἀριστεροὶ τρομοκράται ἐτοποθέτησαν δεκάδας βομβῶν εἰς διάφορα σημεῖα τῆς πόλεως. Αἱ ἀρχαὶ ἐξουδετέρωσαν τὰς περισσοτέρας.

ΜΙΑ ΚΟΙΝΩΝΙΚΗ ΜΑΣΤΙΞ
Τὰς διαστάσεις ἐπιδημίας ἔλαβεν εἰς Ἀγγλίαν ἡ χρῆσις τῶν ναρκωτικῶν
ΕΥΡΕΙΑ Η ΔΙΑΔΟΣΙΣ ΤΩΝ
ΜΕΤΑΞΥ ΝΕΑΡΩΝ ΑΤΟΜΩΝ

ΛΟΝΔΙΝΟΝ, 5. (Ἰδ. ἀνταπ.). — Ὁ θάνατος ἑνὸς δεκαεξαέτους νεαροῦ ἀπὸ κατάχρησιν ναρκωτικῶν, προκάλεσε σοβαρὰν ἀνησυχίαν εἰς τὴν βρετανικὴν κοινὴν γνώμην. Κατὰ τὰς στατιστικὰς τοῦ Ὑπουργείου Ὑγιείας, ὁ ἀριθμὸς τῶν τοξικομανῶν ηὐξήθη ἀνησυχητικῶς κατὰ τὰ τελευταῖα ἔτη, ἰδίως μεταξὺ τῶν νέων ἡλικίας κάτω τῶν εἴκοσι ἐτῶν. Ἡ ἠρωΐνη καὶ ἡ κοκαΐνη διατίθενται ἐλευθέρως ἀπὸ ἰατροὺς εἰς τοὺς ἐθισμένους, μὲ ἀποτέλεσμα νὰ φθάνουν αἱ οὐσίαι καὶ εἰς χεῖρας ἀνηλίκων.

ΤΡΑΓΙΚΗ ΜΟΙΡΑ

Ἱστορίαι ὅπως αὐτὴ τοῦ νεαροῦ ὁ ὁποῖος εὑρέθη νεκρὸς εἰς δημόσιον ἀφοδευτήριον, συγκλονίζουν τὴν κοινὴν γνώμην. Οἱ γονεῖς ζητοῦν αὐστηρότερα μέτρα.

ΑΣΙΣΙΔΟΣΙΑ ΥΠΟΥΡΓΟΥ

Ὁ ὑπουργὸς Ὑγιείας ἐδήλωσεν ὅτι προετοιμάζεται νομοσχέδιον διὰ τὸν αὐστηρότερον ἔλεγχον τῆς διαθέσεως τῶν ναρκωτικῶν καὶ τὴν ἵδρυσιν εἰδικῶν κέντρων θεραπείας.

ΤΕΧΝΗ, ΘΕΑΜΑ ΚΑΙ ΠΛΟΥΤΟΣ
Ἡ φετεινὴ θεατρικὴ «σαιζὸν» εἰς τὸ Μπροντγουαίη θὰ καταπλήξῃ τοὺς θεατάς
ΕΡΓΑ ΤΩΝ ΑΡΘΟΥΡ ΜΙΛΛΕΡ, ΤΕΝΝΕΣΥ
ΟΥΓΙΛΛΙΑΜΣ ΚΑΙ ΑΛΜΠΥ.— Ο «ΟΘΕΛΛΟΣ» ΕΙΣ ΕΝΑ ΕΞΑΛΛΟΝ ΜΙΟΥΖΙΚΑΛ

ΝΕΑ ΥΟΡΚΗ, 5. (Ἰδ. ἀνταπ.). — Ἡ θεατρικὴ περίοδος 1967-68, εἰς τὸ Μπροντγουαίη, ὑπόσχεται νὰ εἶναι μία ἀπὸ τὰς πλέον ἐνδιαφερούσας τῶν τελευταίων ἐτῶν. Νέα ἔργα τῶν Ἄρθουρ Μίλλερ, Τεννεσὺ Οὐίλλιαμς καὶ Ἔντουαρντ Ἄλμπυ θὰ ἀνεβοῦν εἰς τὰ μεγαλύτερα θέατρα. Ἰδιαιτέρα αἴσθησις ἀναμένεται ἀπὸ τὸ μιούζικαλ βασισμένον εἰς τὸν «Ὀθέλλον» τοῦ Σαίξπηρ, μὲ ροκ μουσικὴν καὶ ἐντυπωσιακὰ σκηνικά. Οἱ παραγωγοὶ ἐπενδύουν ἑκατομμύρια δολλάρια, ἐλπίζοντες εἰς τὴν ἐπιτυχίαν. Αἱ τιμαὶ τῶν εἰσιτηρίων ἔχουν αὐξηθῆ αἰσθητῶς.

ΟΙ ΑΣΙΑΤΑΙ ΠΡΕΠΕΙ ΝΑ ΑΝΑΠΤΥΞΟΥΝ ΤΗΝ ΓΕΩΡΓΙΑΝ ΤΩΝ ΑΝΤΙ ΝΑ ΑΝΑΜΕΝΟΥΝ ΤΗΝ ΞΕΝΗΝ ΒΟΗΘΕΙΑΝ
ΕΤΟΝΙΣΕΝ ΕΙΣ ΔΙΕΘΝΕΣ ΣΥΝΕΔΡΙΟΝ ΤΗΣ ΝΕΑΣ ΥΟΡΚΗΣ

ΝΕΑ ΥΟΡΚΗ, 5. (Ἀσσ. Πρέσς). — Αἱ ἀσιατικαὶ χῶραι ὀφείλουν νὰ στηριχθοῦν εἰς τὰς ἰδίας των δυνάμεις διὰ τὴν ἀνάπτυξιν τῆς γεωργίας, ἐτόνισεν ὁ πρόεδρος τοῦ συνεδρίου.

Ο ΣΑΛΑΛ ΕΜΑΤΑΙΩΣΕ ΤΑΣ ΠΡΟΣΠΑΘΕΙΑΣ ΤΗΣ ΕΠΙΤΡΟΠΗΣ ΔΙΑ ΤΗΝ ΑΠΟΚΑΤΑΣΤΑΣΙΝ ΤΗΣ ΕΙΡΗΝΗΣ ΕΙΣ ΥΕΜΕΝΗΝ

ΒΗΡΥΤΟΣ, 5. (Ἀσσ. Πρέσς). — Ὁ πρόεδρος τῆς Ὑεμένης Σαλλὰλ ἠρνήθη νὰ δεχθῇ τὴν ἐπιτροπὴν εἰρηνεύσεως, ματαιώσας οὕτω τὰς προσπαθείας διὰ τὴν λῆξιν τοῦ ἐμφυλίου πολέμου.

Η ΑΠΟΧΩΡΗΣΙΣ ΤΩΝ ΑΙΓΥΠΤΙΩΝ

ΑΠΕΝ, 5. (Ρώυτερ). — Αἱ αἰγυπτιακαὶ δυνάμεις συνεχίζουν τὴν ἀποχώρησιν ἐκ τῆς Ὑεμένης συμφώνως πρὸς τὴν συμφωνίαν τοῦ Χαρτοὺμ.
